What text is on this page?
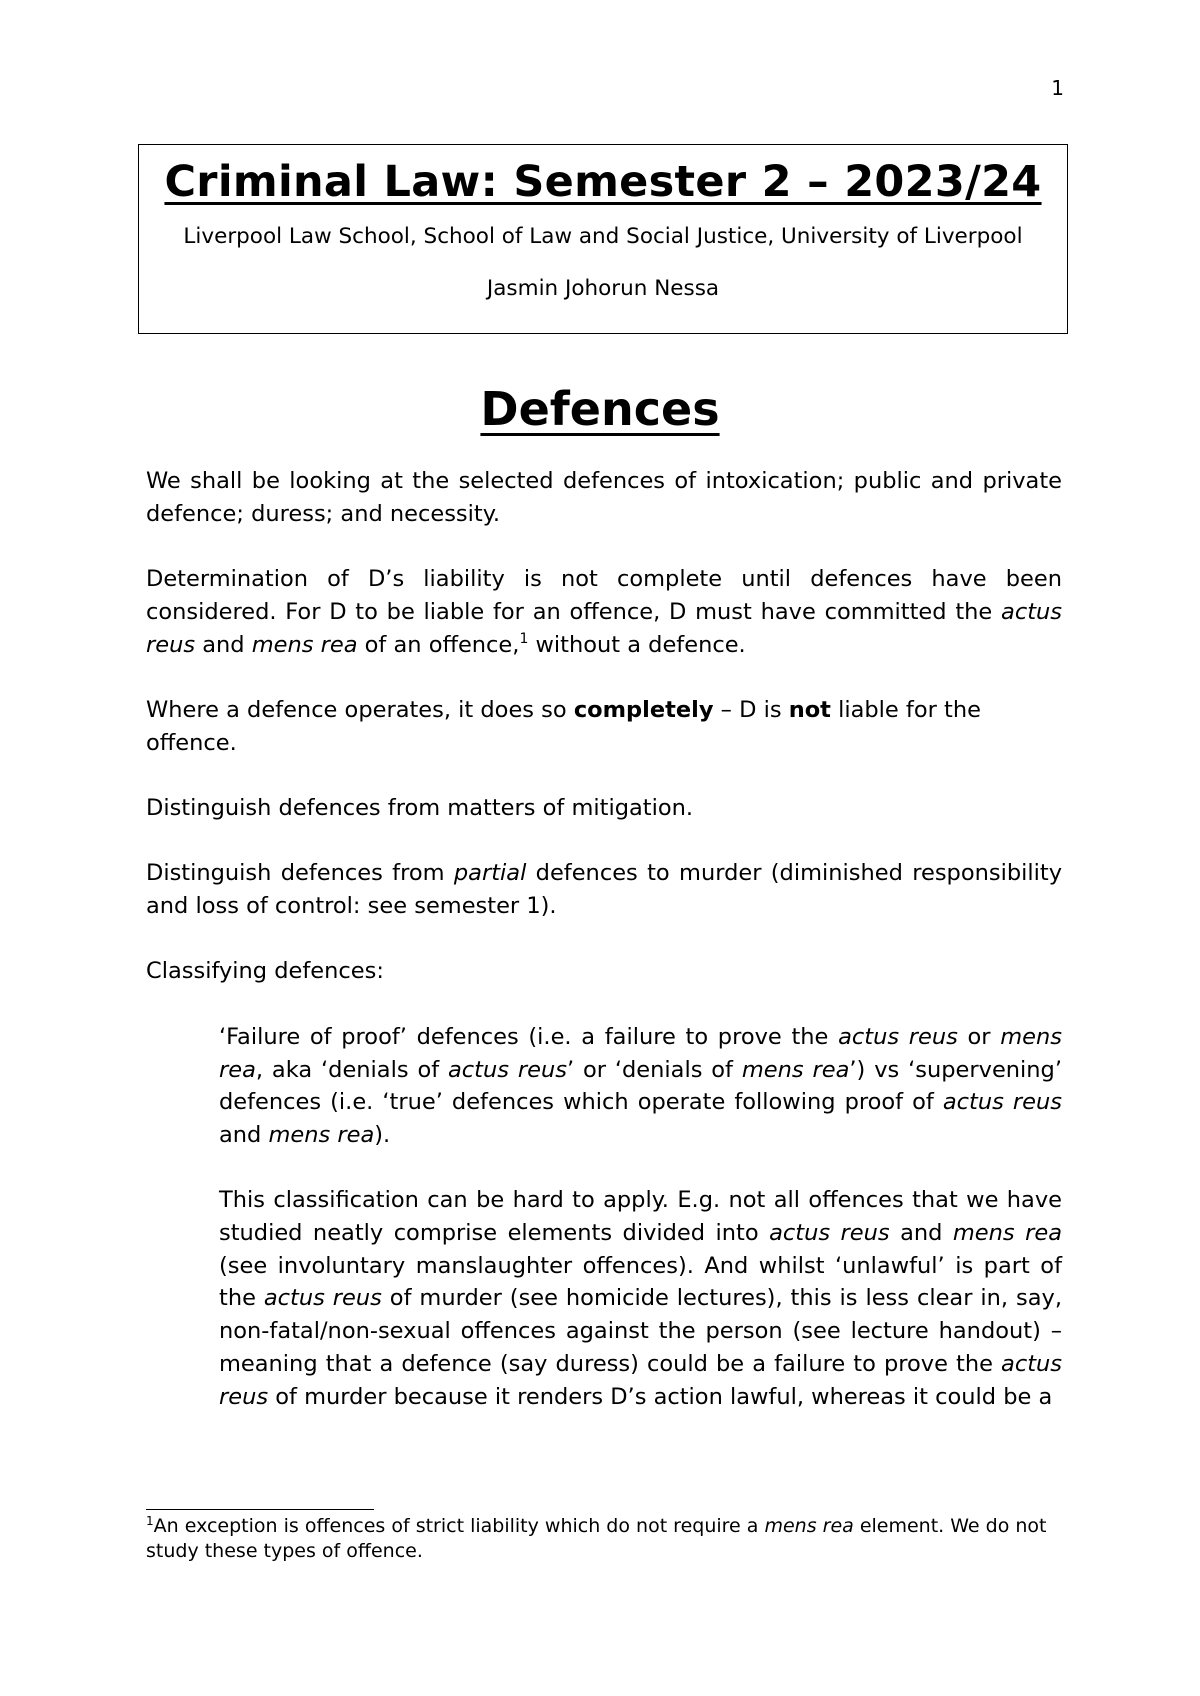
1
Criminal Law: Semester 2 – 2023/24
Liverpool Law School, School of Law and Social Justice, University of Liverpool
Jasmin Johorun Nessa
Defences

We shall be looking at the selected defences of intoxication; public and private defence; duress; and necessity.

Determination of D’s liability is not complete until defences have been considered. For D to be liable for an offence, D must have committed the actus reus and mens rea of an offence,$^1$ without a defence.

Where a defence operates, it does so completely – D is not liable for the offence.

Distinguish defences from matters of mitigation.

Distinguish defences from partial defences to murder (diminished responsibility and loss of control: see semester 1).

Classifying defences:

‘Failure of proof’ defences (i.e. a failure to prove the actus reus or mens rea, aka ‘denials of actus reus’ or ‘denials of mens rea’) vs ‘supervening’ defences (i.e. ‘true’ defences which operate following proof of actus reus and mens rea).

This classification can be hard to apply. E.g. not all offences that we have studied neatly comprise elements divided into actus reus and mens rea (see involuntary manslaughter offences). And whilst ‘unlawful’ is part of the actus reus of murder (see homicide lectures), this is less clear in, say, non-fatal/non-sexual offences against the person (see lecture handout) – meaning that a defence (say duress) could be a failure to prove the actus reus of murder because it renders D’s action lawful, whereas it could be a

$^1$An exception is offences of strict liability which do not require a mens rea element. We do not study these types of offence.
